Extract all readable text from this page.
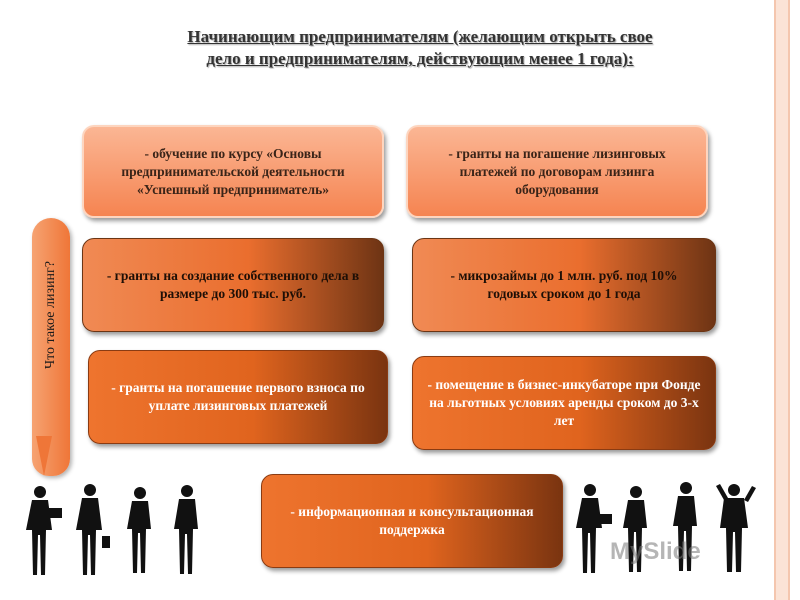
Начинающим предпринимателям (желающим открыть свое
дело и предпринимателям, действующим менее 1 года):
Что такое лизинг?
- обучение по курсу «Основы предпринимательской деятельности «Успешный предприниматель»
- гранты на погашение лизинговых платежей по договорам лизинга оборудования
- гранты на создание собственного дела в размере до 300 тыс. руб.
- микрозаймы до 1 млн. руб. под 10% годовых сроком до 1 года
- гранты на погашение первого взноса по уплате лизинговых платежей
- помещение в бизнес-инкубаторе при Фонде на льготных условиях аренды сроком до 3-х лет
- информационная и консультационная поддержка
MySlide
